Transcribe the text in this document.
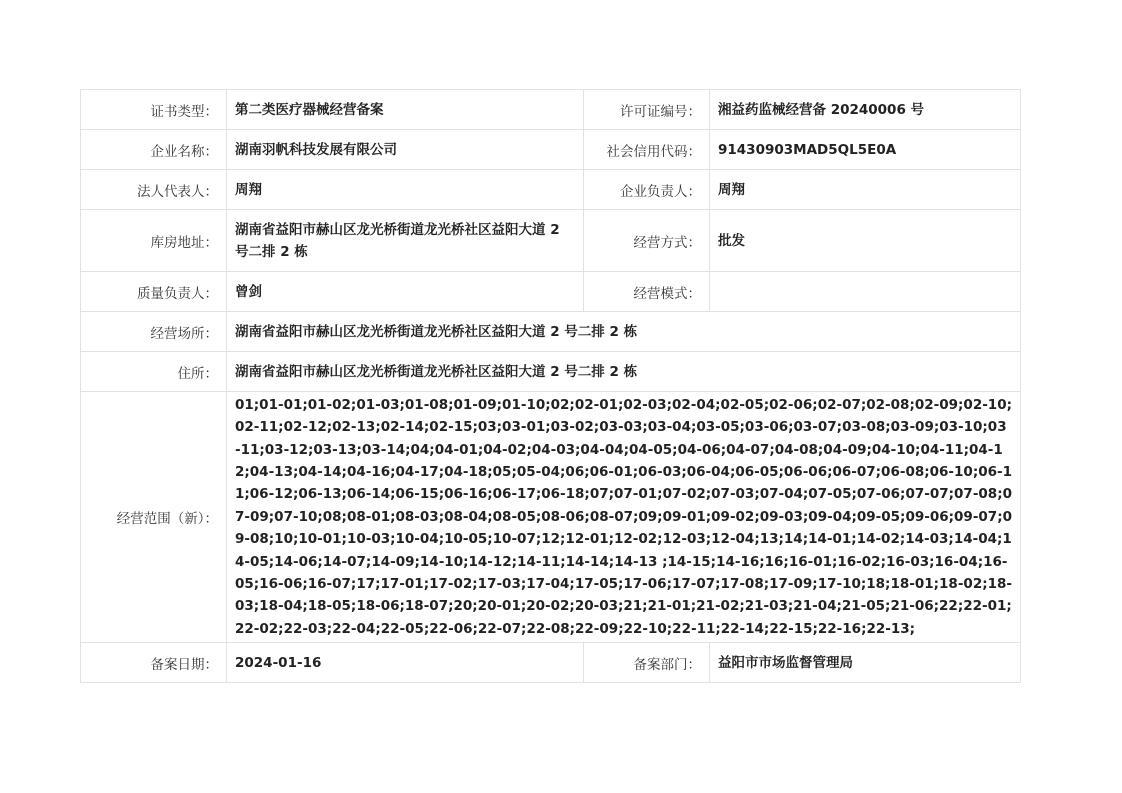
证书类型：	第二类医疗器械经营备案	许可证编号：	湘益药监械经营备 20240006 号
企业名称：	湖南羽帆科技发展有限公司	社会信用代码：	91430903MAD5QL5E0A
法人代表人：	周翔	企业负责人：	周翔
库房地址：	湖南省益阳市赫山区龙光桥街道龙光桥社区益阳大道 2 号二排 2 栋	经营方式：	批发
质量负责人：	曾剑	经营模式：	
经营场所：	湖南省益阳市赫山区龙光桥街道龙光桥社区益阳大道 2 号二排 2 栋		
住所：	湖南省益阳市赫山区龙光桥街道龙光桥社区益阳大道 2 号二排 2 栋		
经营范围（新）：	01;01-01;01-02;01-03;01-08;01-09;01-10;02;02-01;02-03;02-04;02-05;02-06;02-07;02-08;02-09;02-10;02-11;02-12;02-13;02-14;02-15;03;03-01;03-02;03-03;03-04;03-05;03-06;03-07;03-08;03-09;03-10;03-11;03-12;03-13;03-14;04;04-01;04-02;04-03;04-04;04-05;04-06;04-07;04-08;04-09;04-10;04-11;04-12;04-13;04-14;04-16;04-17;04-18;05;05-04;06;06-01;06-03;06-04;06-05;06-06;06-07;06-08;06-10;06-11;06-12;06-13;06-14;06-15;06-16;06-17;06-18;07;07-01;07-02;07-03;07-04;07-05;07-06;07-07;07-08;07-09;07-10;08;08-01;08-03;08-04;08-05;08-06;08-07;09;09-01;09-02;09-03;09-04;09-05;09-06;09-07;09-08;10;10-01;10-03;10-04;10-05;10-07;12;12-01;12-02;12-03;12-04;13;14;14-01;14-02;14-03;14-04;14-05;14-06;14-07;14-09;14-10;14-12;14-11;14-14;14-13 ;14-15;14-16;16;16-01;16-02;16-03;16-04;16-05;16-06;16-07;17;17-01;17-02;17-03;17-04;17-05;17-06;17-07;17-08;17-09;17-10;18;18-01;18-02;18-03;18-04;18-05;18-06;18-07;20;20-01;20-02;20-03;21;21-01;21-02;21-03;21-04;21-05;21-06;22;22-01;22-02;22-03;22-04;22-05;22-06;22-07;22-08;22-09;22-10;22-11;22-14;22-15;22-16;22-13;		
备案日期：	2024-01-16	备案部门：	益阳市市场监督管理局
